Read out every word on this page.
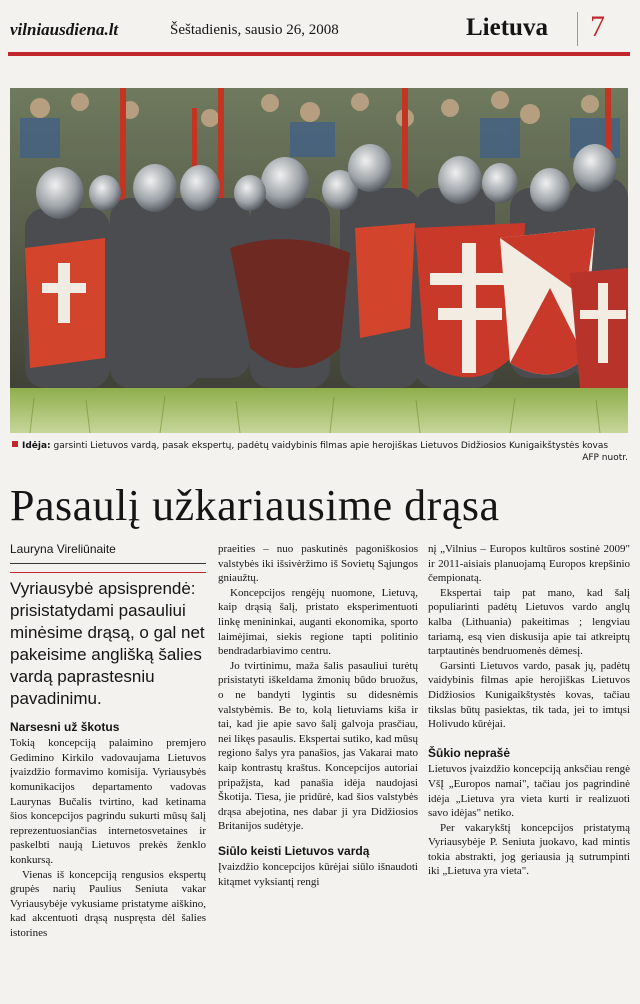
vilniausdiena.lt	Šeštadienis, sausio 26, 2008	Lietuva 7
Idėja: garsinti Lietuvos vardą, pasak ekspertų, padėtų vaidybinis filmas apie herojiškas Lietuvos Didžiosios Kunigaikštystės kovas
AFP nuotr.
Pasaulį užkariausime drąsa
Lauryna Vireliūnaite
Vyriausybė apsisprendė: prisistatydami pasauliui minėsime drąsą, o gal net pakeisime anglišką šalies vardą paprastesniu pavadinimu.
Narsesni už škotus

Tokią koncepciją palaimino premjero Gedimino Kirkilo vadovaujama Lietuvos įvaizdžio formavimo komisija. Vyriausybės komunikacijos departamento vadovas Laurynas Bučalis tvirtino, kad ketinama šios koncepcijos pagrindu sukurti mūsų šalį reprezentuosiančias internetosvetaines ir paskelbti naują Lietuvos prekės ženklo konkursą.

Vienas iš koncepciją rengusios ekspertų grupės narių Paulius Seniuta vakar Vyriausybėje vykusiame pristatyme aiškino, kad akcentuoti drąsą nuspręsta dėl šalies istorines

praeities – nuo paskutinės pagoniškosios valstybės iki išsivėržimo iš Sovietų Sąjungos gniaužtų.

Koncepcijos rengėjų nuomone, Lietuvą, kaip drąsią šalį, pristato eksperimentuoti linkę menininkai, auganti ekonomika, sporto laimėjimai, siekis regione tapti politinio bendradarbiavimo centru.

Jo tvirtinimu, maža šalis pasauliui turėtų prisistatyti iškeldama žmonių būdo bruožus, o ne bandyti lygintis su didesnėmis valstybėmis. Be to, kolą lietuviams kiša ir tai, kad jie apie savo šalį galvoja prasčiau, nei likęs pasaulis. Ekspertai sutiko, kad mūsų regiono šalys yra panašios, jas Vakarai mato kaip kontrastų kraštus. Koncepcijos autoriai pripažįsta, kad panašia idėja naudojasi Škotija. Tiesa, jie pridūrė, kad šios valstybės drąsa abejotina, nes dabar ji yra Didžiosios Britanijos sudėtyje.

Siūlo keisti Lietuvos vardą

Įvaizdžio koncepcijos kūrėjai siūlo išnaudoti kitąmet vyksiantį rengi

nį „Vilnius – Europos kultūros sostinė 2009" ir 2011-aisiais planuojamą Europos krepšinio čempionatą.

Ekspertai taip pat mano, kad šalį populiarinti padėtų Lietuvos vardo anglų kalba (Lithuania) pakeitimas ; lengviau tariamą, esą vien diskusija apie tai atkreiptų tarptautinės bendruomenės dėmesį.

Garsinti Lietuvos vardo, pasak jų, padėtų vaidybinis filmas apie herojiškas Lietuvos Didžiosios Kunigaikštystės kovas, tačiau tikslas būtų pasiektas, tik tada, jei to imtųsi Holivudo kūrėjai.

Šūkio neprašė

Lietuvos įvaizdžio koncepciją anksčiau rengė VšĮ „Europos namai", tačiau jos pagrindinė idėja „Lietuva yra vieta kurti ir realizuoti savo idėjas" netiko.

Per vakarykštį koncepcijos pristatymą Vyriausybėje P. Seniuta juokavo, kad mintis tokia abstrakti, jog geriausia ją sutrumpinti iki „Lietuva yra vieta".
